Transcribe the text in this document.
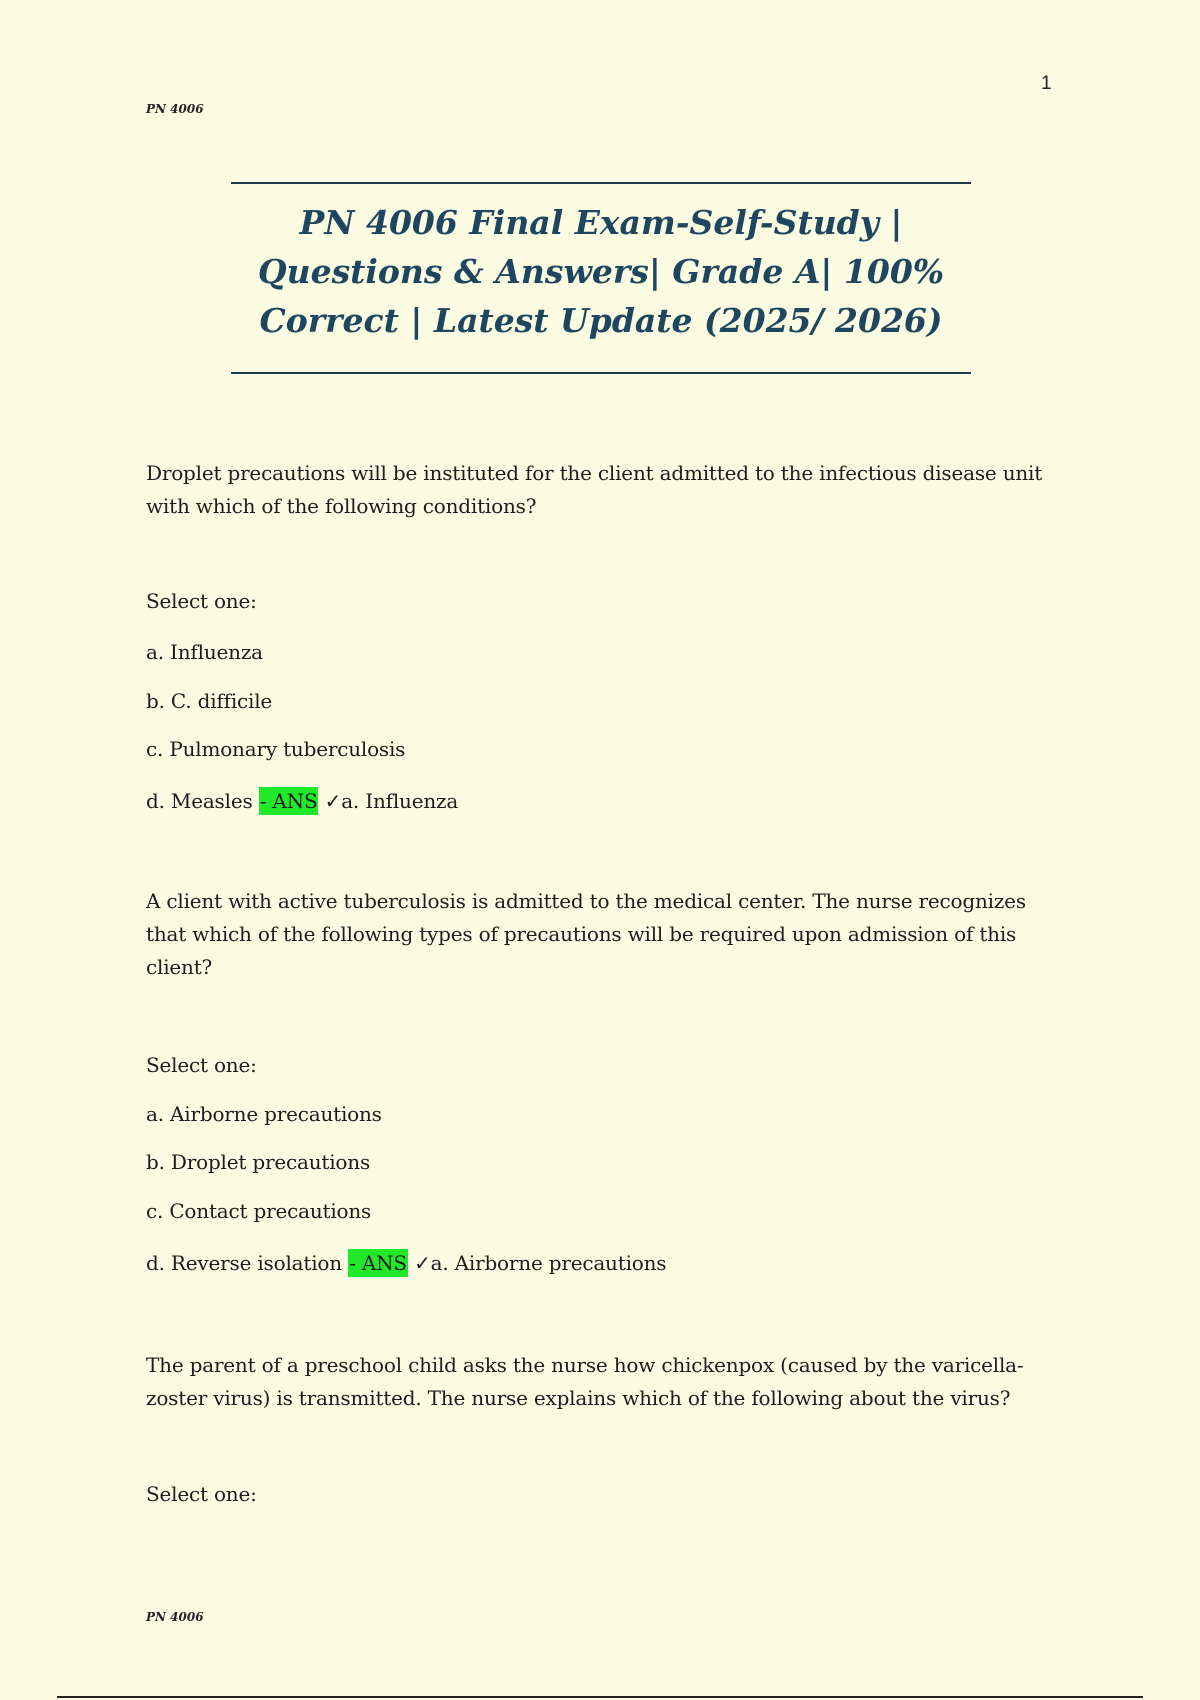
PN 4006
1
PN 4006 Final Exam-Self-Study | Questions & Answers| Grade A| 100% Correct | Latest Update (2025/ 2026)

Droplet precautions will be instituted for the client admitted to the infectious disease unit with which of the following conditions?

Select one:
a. Influenza
b. C. difficile
c. Pulmonary tuberculosis
d. Measles - ANS ✓a. Influenza

A client with active tuberculosis is admitted to the medical center. The nurse recognizes that which of the following types of precautions will be required upon admission of this client?

Select one:
a. Airborne precautions
b. Droplet precautions
c. Contact precautions
d. Reverse isolation - ANS ✓a. Airborne precautions

The parent of a preschool child asks the nurse how chickenpox (caused by the varicella-zoster virus) is transmitted. The nurse explains which of the following about the virus?

Select one:
PN 4006
